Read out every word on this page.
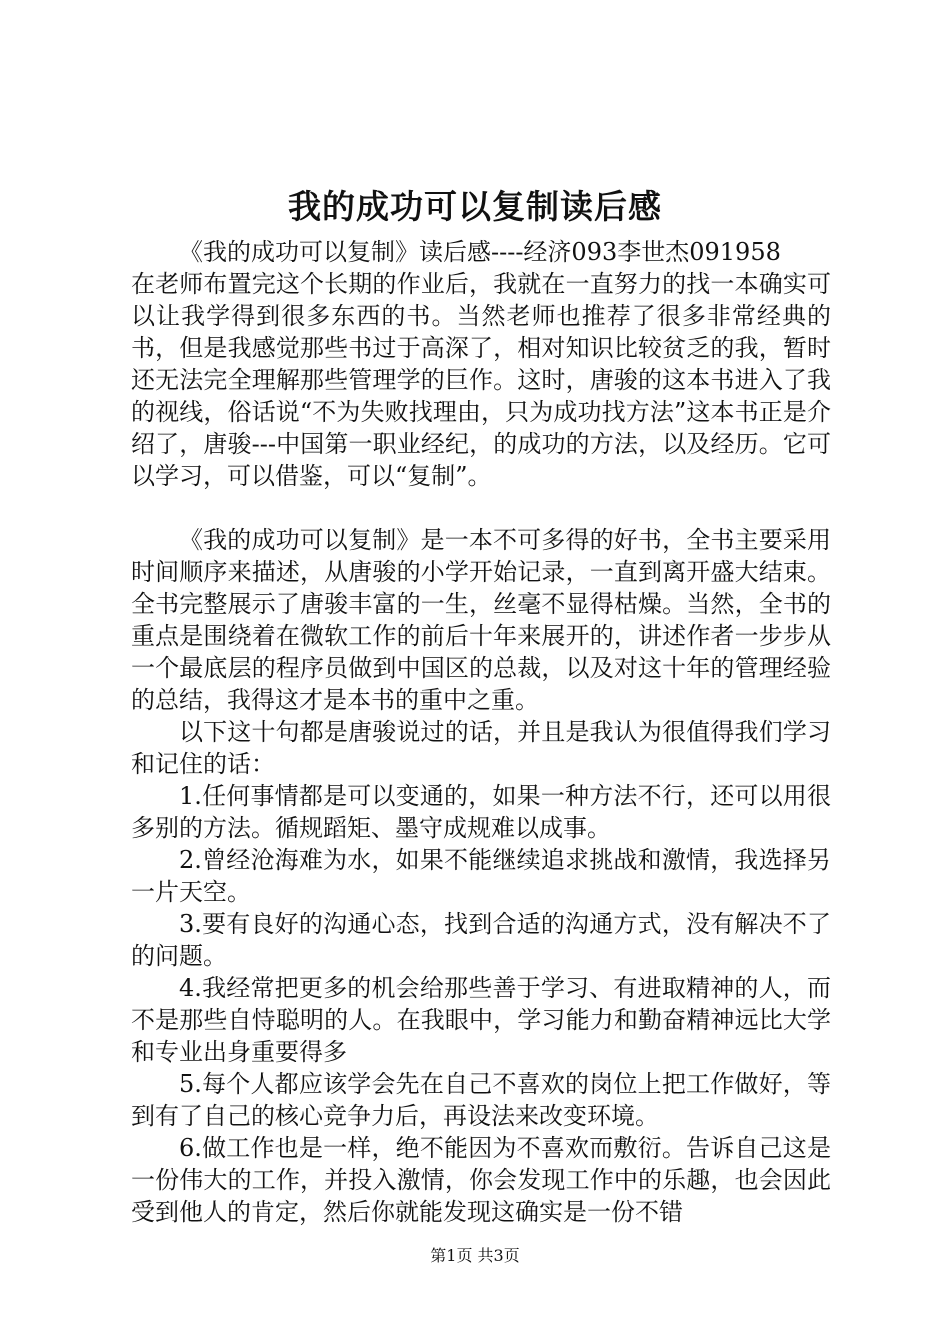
我的成功可以复制读后感

《我的成功可以复制》读后感----经济093李世杰091958

在老师布置完这个长期的作业后，我就在一直努力的找一本确实可以让我学得到很多东西的书。当然老师也推荐了很多非常经典的书，但是我感觉那些书过于高深了，相对知识比较贫乏的我，暂时还无法完全理解那些管理学的巨作。这时，唐骏的这本书进入了我的视线，俗话说“不为失败找理由，只为成功找方法”这本书正是介绍了，唐骏---中国第一职业经纪，的成功的方法，以及经历。它可以学习，可以借鉴，可以“复制”。

《我的成功可以复制》是一本不可多得的好书，全书主要采用时间顺序来描述，从唐骏的小学开始记录，一直到离开盛大结束。全书完整展示了唐骏丰富的一生，丝毫不显得枯燥。当然，全书的重点是围绕着在微软工作的前后十年来展开的，讲述作者一步步从一个最底层的程序员做到中国区的总裁，以及对这十年的管理经验的总结，我得这才是本书的重中之重。

以下这十句都是唐骏说过的话，并且是我认为很值得我们学习和记住的话：

1.任何事情都是可以变通的，如果一种方法不行，还可以用很多别的方法。循规蹈矩、墨守成规难以成事。

2.曾经沧海难为水，如果不能继续追求挑战和激情，我选择另一片天空。

3.要有良好的沟通心态，找到合适的沟通方式，没有解决不了的问题。

4.我经常把更多的机会给那些善于学习、有进取精神的人，而不是那些自恃聪明的人。在我眼中，学习能力和勤奋精神远比大学和专业出身重要得多

5.每个人都应该学会先在自己不喜欢的岗位上把工作做好，等到有了自己的核心竞争力后，再设法来改变环境。

6.做工作也是一样，绝不能因为不喜欢而敷衍。告诉自己这是一份伟大的工作，并投入激情，你会发现工作中的乐趣，也会因此受到他人的肯定，然后你就能发现这确实是一份不错

第1页 共3页
